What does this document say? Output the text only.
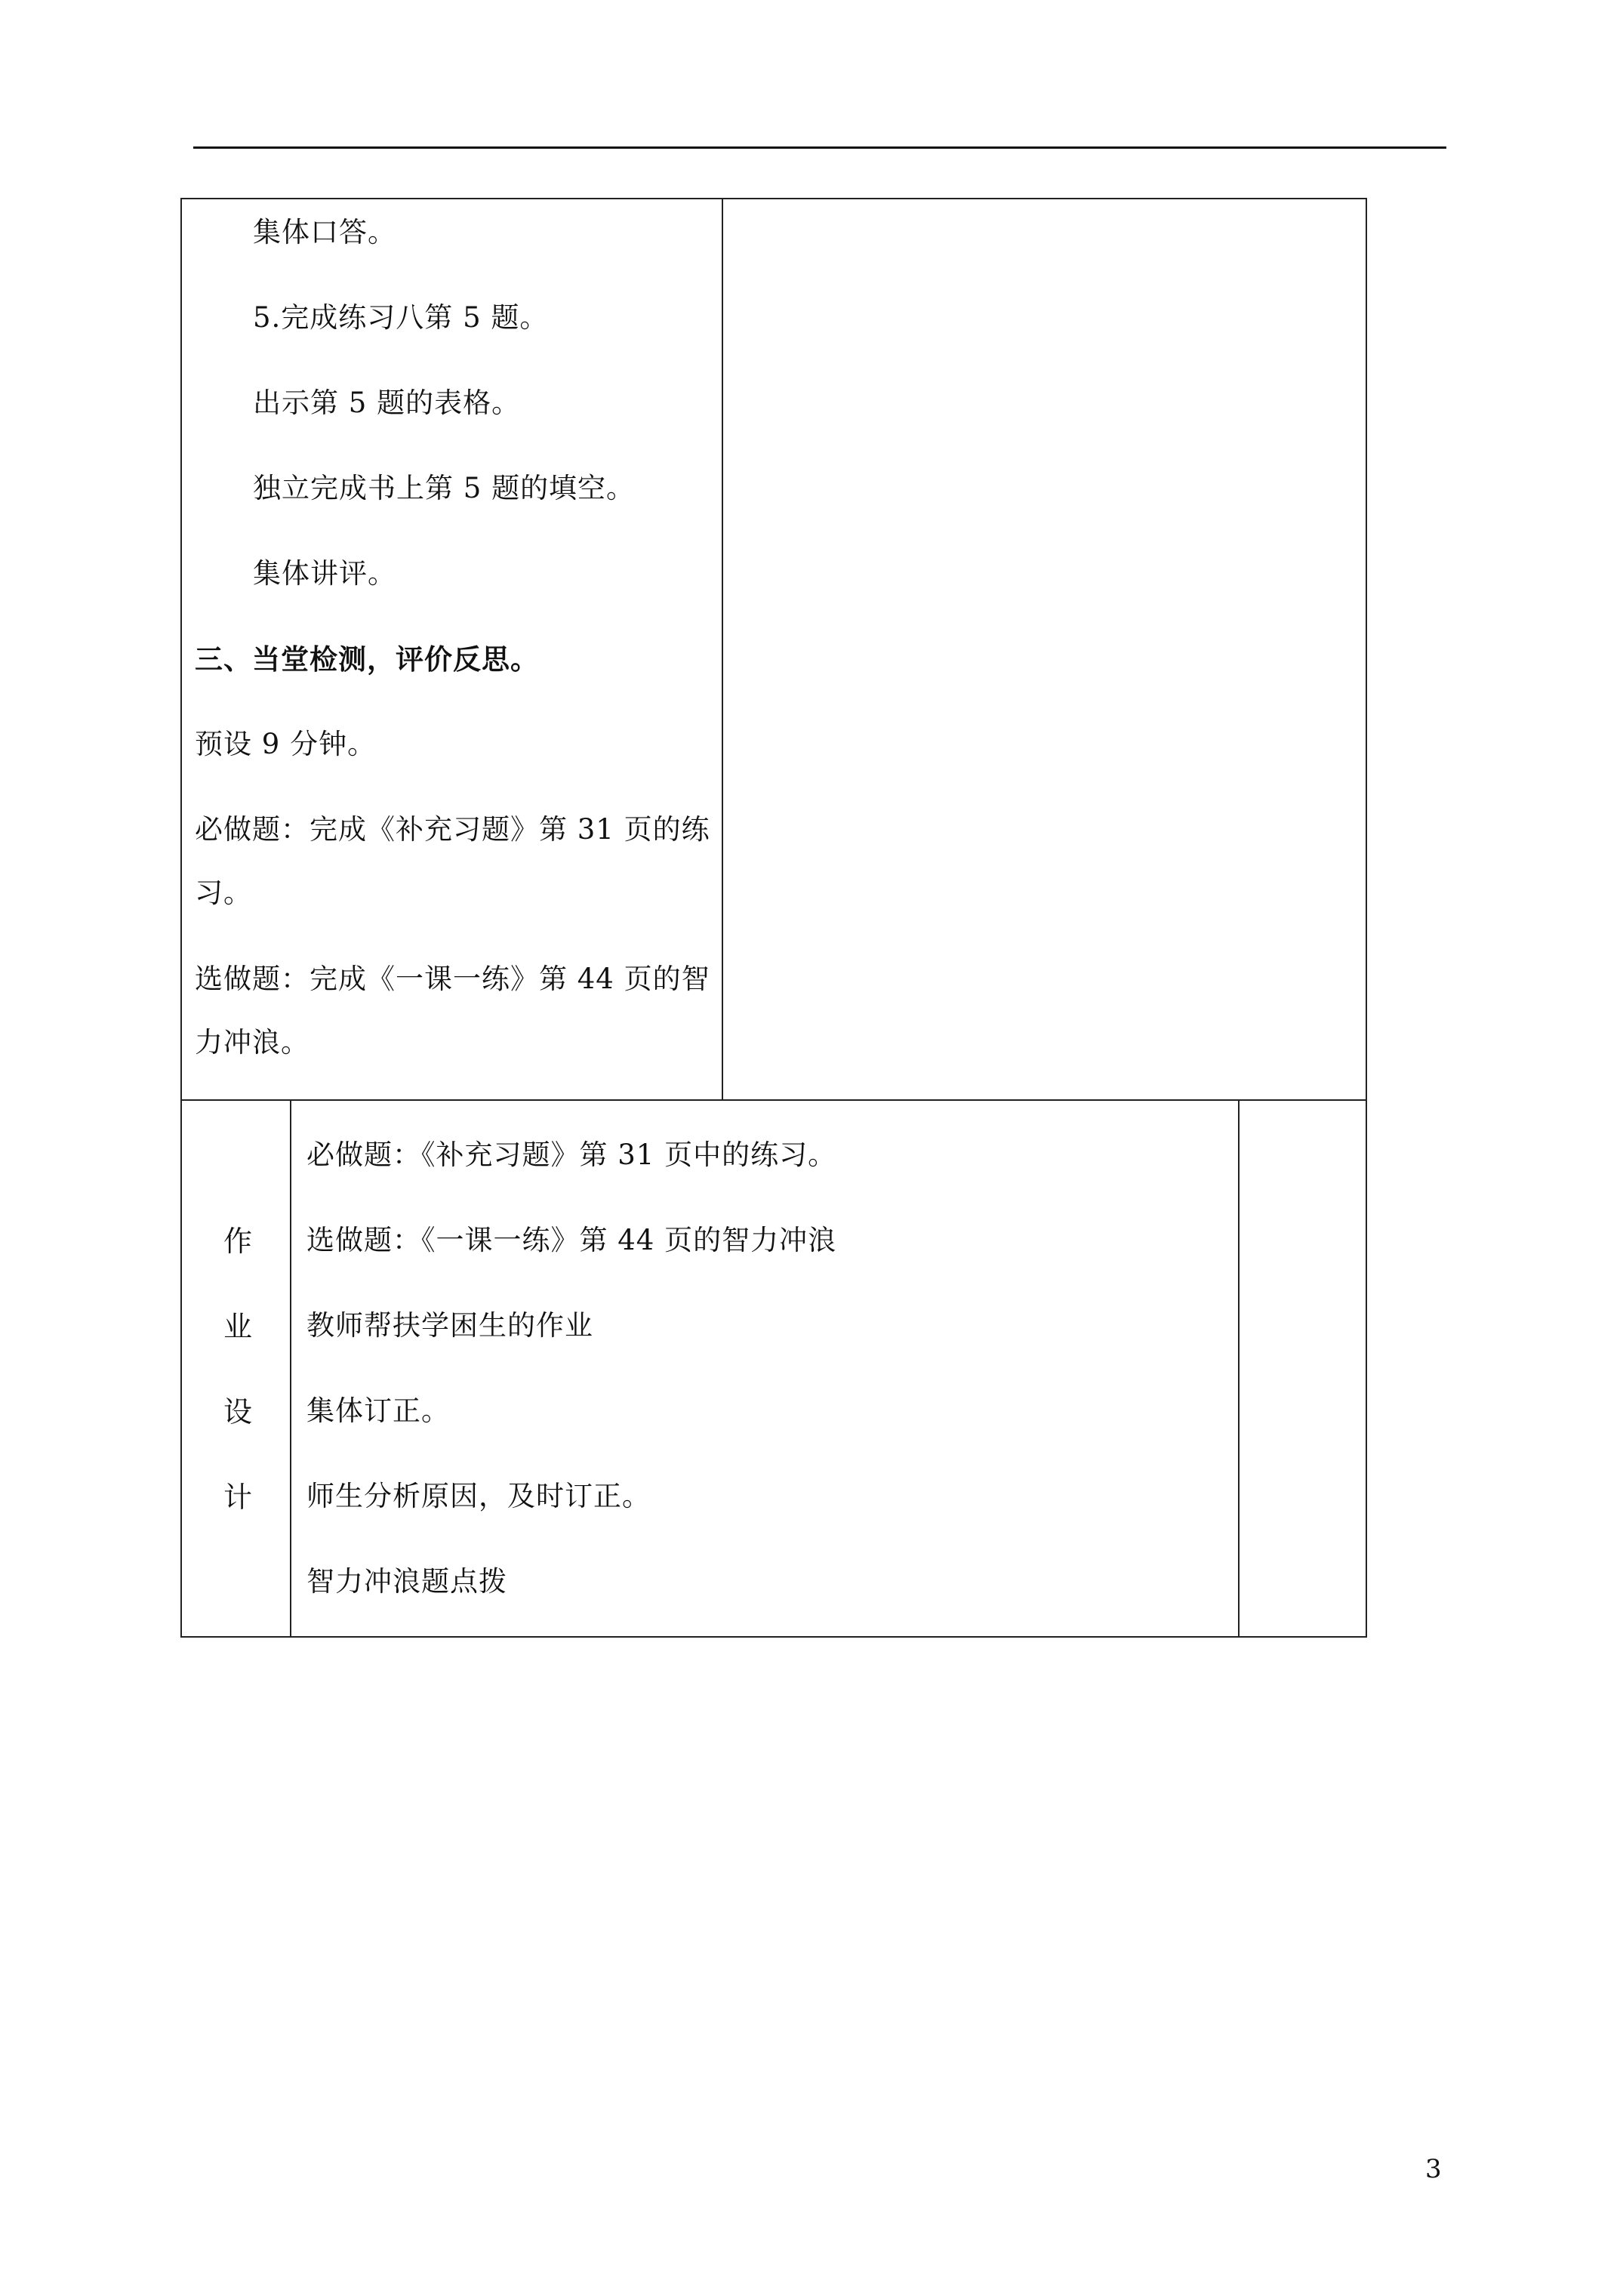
集体口答。
5.完成练习八第 5 题。
出示第 5 题的表格。
独立完成书上第 5 题的填空。
集体讲评。
三、当堂检测，评价反思。
预设 9 分钟。
必做题：完成《补充习题》第 31 页的练习。
选做题：完成《一课一练》第 44 页的智力冲浪。
作
业
设
计
必做题：《补充习题》第 31 页中的练习。
选做题：《一课一练》第 44 页的智力冲浪
教师帮扶学困生的作业
集体订正。
师生分析原因，及时订正。
智力冲浪题点拨
3
